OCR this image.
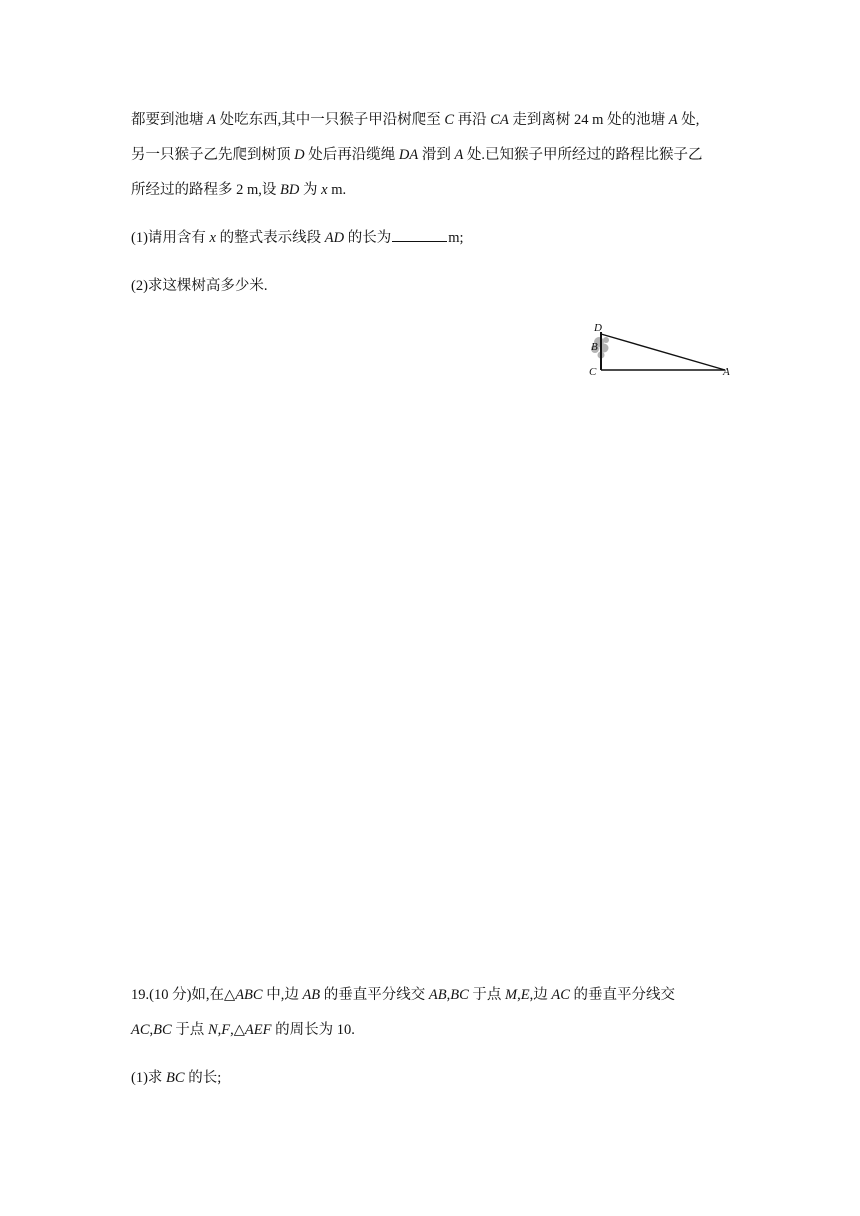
都要到池塘 A 处吃东西,其中一只猴子甲沿树爬至 C 再沿 CA 走到离树 24 m 处的池塘 A 处,
另一只猴子乙先爬到树顶 D 处后再沿缆绳 DA 滑到 A 处.已知猴子甲所经过的路程比猴子乙
所经过的路程多 2 m,设 BD 为 x m.
(1)请用含有 x 的整式表示线段 AD 的长为	m;
(2)求这棵树高多少米.
D
B
C	A
19.(10 分)如,在△ABC 中,边 AB 的垂直平分线交 AB,BC 于点 M,E,边 AC 的垂直平分线交
AC,BC 于点 N,F,△AEF 的周长为 10.
(1)求 BC 的长;
